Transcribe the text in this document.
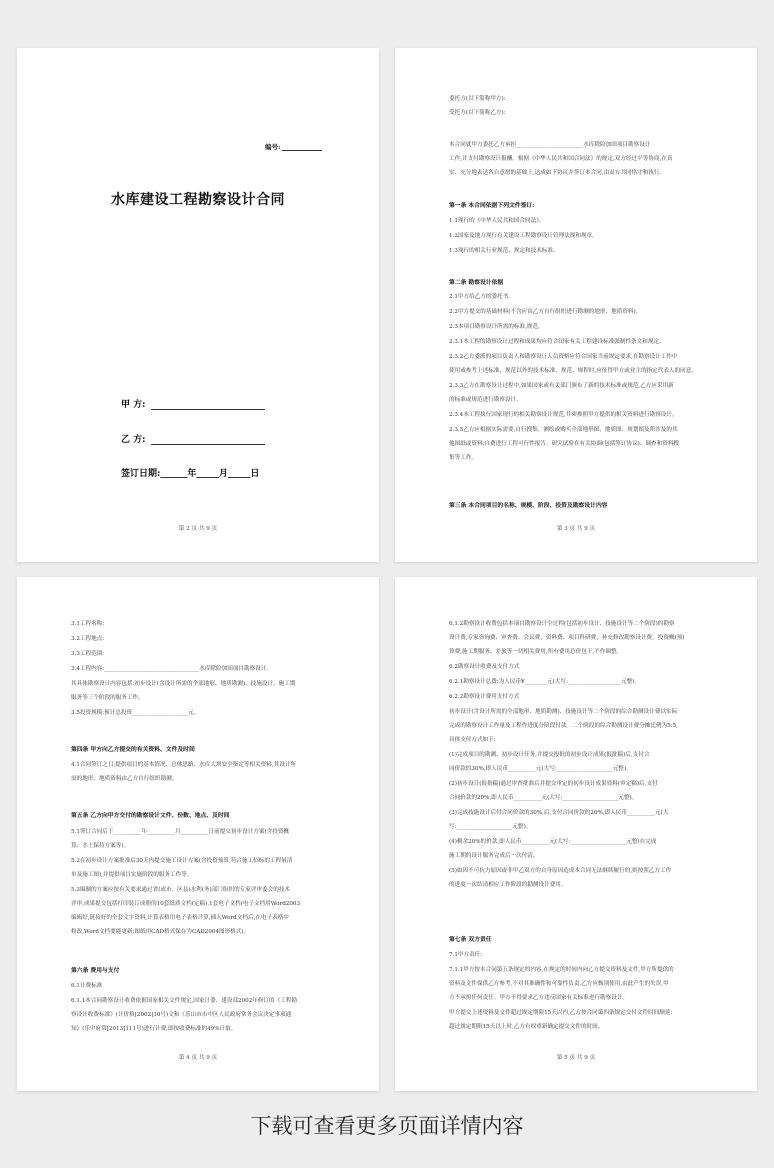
编号:
水库建设工程勘察设计合同
甲 方:
乙 方:
签订日期:______年_____月_____日
第 2 页 共 9 页
委托方(以下简称甲方):
受托方(以下简称乙方):
本合同就甲方委托乙方承担________________________水库除险加固项目勘察设计
工作,并支付勘察设计报酬。根据《中华人民共和国合同法》的规定,双方经过平等协商,在真
实、充分地表达各自意愿的基础上,达成如下协议并签订本合同,由双方共同恪守和执行。
第一条 本合同依据下列文件签订:
1.1现行的《中华人民共和国合同法》。
1.2国家及地方现行有关建设工程勘察设计管理法规和规章。
1.3现行的相关行业规范、规定和技术标准。
第二条 勘察设计依据
2.1甲方给乙方的委托书。
2.2甲方提交的基础材料(不含应由乙方自行组织进行勘测的地形、地质资料)。
2.3本项目勘察设计所需的标准,规范。
2.3.1本工程的勘察设计过程和成果均应符合国家有关工程建设标准强制性条文和规定。
2.3.2乙方委派的项目负责人和勘察设计人员资格应符合国家当前规定要求,在勘察设计工作中
使用或参考上述标准、规范以外的技术标准、规范、规程时,应征得甲方或业主的指定代表人的同意。
2.3.3乙方在勘察设计过程中,如果国家或有关部门颁布了新的技术标准或规范,乙方应采用新
的标准或规范进行勘察设计。
2.3.4本工程执行国家现行的相关勘察设计规范,并须参照甲方提供的相关资料进行勘察设计。
2.3.5乙方应根据实际需要,自行搜集、测绘或购买全部地形图、地质图、规划图及所涉及的其
他图纸或资料;自费进行工程可行性报告、研究试验在有关协调(包括签订协议)、调查和资料搜
集等工作。
第三条 本合同项目的名称、规模、阶段、投资及勘察设计内容
第 3 页 共 9 页
3.1工程名称:
3.2工程地点:
3.3工程范围:
3.4工程内容:__________________________________水库除险加固项目勘察设计。
其具体勘察设计内容包括:初步设计(含设计所需的全部地形、地质勘测)、技施设计、施工期
服务等三个阶段的服务工作。
3.5投资规模:预计总投资____________________元。
第四条 甲方向乙方提交的有关资料、文件及时间
4.1合同签订之日,提供项目的基本情况、总体思路、水库大坝安全鉴定等相关资料,其设计所
需的地形、地质资料由乙方自行组织勘测。
第五条 乙方向甲方交付的勘察设计文件、份数、地点、及时间
5.1签订合同后于__________年__________月__________日前提交初步设计方案(含投资概
算、水土保持方案等)。
5.2在初步设计方案批准后30天内提交施工设计方案(含投资预算,符合施工招标的工程量清
单及施工图),并提供项目实施阶段的服务工作等。
5.3编制的方案应按有关要求通过省(或市、区县)水利(务)部门组织的专家评审委会的技术
评审,成果提交包括打印装订成册的10套纸质文档(定稿),1套电子文档(电子文档用Word2003
编辑好,链接好的全套文字资料,计算表格用电子表格计算,插入Word文档后,在电子表格中
修改,Word文档要能更新;图纸用CAD格式保存为CAD2004图形格式)。
第六条 费用与支付
6.1计费标准
6.1.1本合同勘察设计收费依据国家相关文件规定,国家计委、建设部2002年修订的《工程勘
察设计收费标准》(计价格[2002]10号)文和《乐山市市中区人民政府常务会议决定事项通
知》(乐中府常[2013]111号)进行计费,即按收费标准的49%计取。
第 4 页 共 9 页
6.1.2勘察设计收费包括本项目勘察设计全过程(包括初步设计、技施设计等二个阶段)的勘察
设计费,专家咨询费、审查费、会议费、资料费、项目科研费、补充修改勘察设计费、投资概(预)
算费,施工期服务、差旅等一切相关费用,所有费用总价包干,不作调整。
6.2勘察设计收费及支付方式
6.2.1勘察设计总费:为人民币¥________元(大写:___________________元整)。
6.2.2勘察设计费用支付方式
初步设计(含设计所需的全部地形、地质勘测)、技施设计等二个阶段的综合勘测设计费以实际
完成的勘察设计工作量及工程作进度分阶段付款。二个阶段的综合勘测设计费分摊比例为5:5,
具体支付方式如下:
(1)完成项目的勘测、初步设计任务,并提交报批的初步设计成果(报批稿)后,支付合
同价款的30%,即人民币__________元(大写:____________________元整)。
(2)初步设计(报批稿)通过审查批准后并提交审定的初步设计成果资料(审定稿)后,支付
合同价款的20%,即人民币__________元(大写:____________________元整)。
(3)完成技施设计后付合同价款的30%,后,支付合同价款的20%,即人民币__________元(大
写:____________________元整)。
(4)剩余20%的价款,即人民币__________元(大写:____________________元整)在完成
施工期的设计服务完成后一次付清。
(5)如因不可抗力原因或非甲乙双方的自身原因造成本合同无法继续履行的,则按照乙方工作
的进度一次结清相应工作阶段的勘测设计费用。
第七条 双方责任
7.1甲方责任:
7.1.1甲方按本合同第五条规定的内容,在规定的时间内向乙方提交资料及文件,甲方所提供的
资料及文件保供乙方参考,不对其准确性和可靠性负责,乙方应甄别使用,由此产生的失误,甲
方不承担任何责任。甲方不得要求乙方违反国家有关标准进行勘察设计。
甲方提交上述资料及文件超过规定期限15天以内,乙方按合同第四条规定交付文件时间顺延;
超过规定期限15天以上时,乙方有权重新确定提交文件的时间。
第 5 页 共 9 页
下载可查看更多页面详情内容
